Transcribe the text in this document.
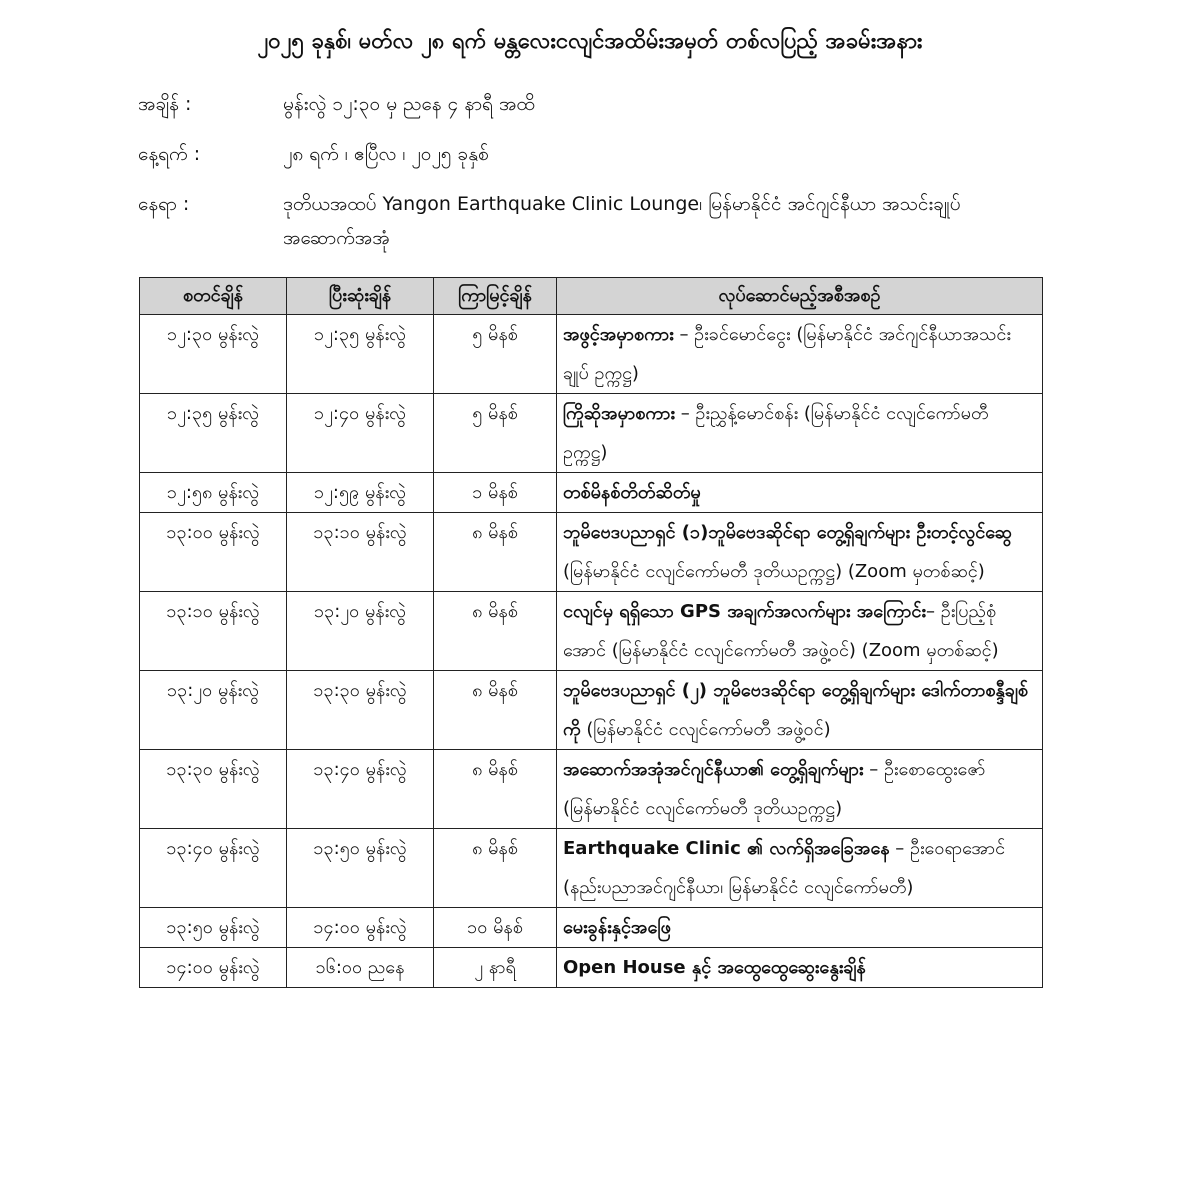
၂၀၂၅ ခုနှစ်၊ မတ်လ ၂၈ ရက် မန္တလေးငလျင်အထိမ်းအမှတ် တစ်လပြည့် အခမ်းအနား
အချိန် :	မွန်းလွဲ ၁၂:၃၀ မှ ညနေ ၄ နာရီ အထိ
နေ့ရက် :	၂၈ ရက် ၊ ဧပြီလ ၊ ၂၀၂၅ ခုနှစ်
နေရာ :	ဒုတိယအထပ် Yangon Earthquake Clinic Lounge၊ မြန်မာနိုင်ငံ အင်ဂျင်နီယာ အသင်းချုပ် အဆောက်အအုံ
စတင်ချိန်	ပြီးဆုံးချိန်	ကြာမြင့်ချိန်	လုပ်ဆောင်မည့်အစီအစဉ်
၁၂:၃၀ မွန်းလွဲ	၁၂:၃၅ မွန်းလွဲ	၅ မိနစ်	အဖွင့်အမှာစကား – ဦးခင်မောင်ငွေး (မြန်မာနိုင်ငံ အင်ဂျင်နီယာအသင်းချုပ် ဥက္ကဋ္ဌ)
၁၂:၃၅ မွန်းလွဲ	၁၂:၄၀ မွန်းလွဲ	၅ မိနစ်	ကြိုဆိုအမှာစကား – ဦးညွှန့်မောင်စန်း (မြန်မာနိုင်ငံ ငလျင်ကော်မတီ ဥက္ကဋ္ဌ)
၁၂:၅၈ မွန်းလွဲ	၁၂:၅၉ မွန်းလွဲ	၁ မိနစ်	တစ်မိနစ်တိတ်ဆိတ်မှု
၁၃:၀၀ မွန်းလွဲ	၁၃:၁၀ မွန်းလွဲ	၈ မိနစ်	ဘူမိဗေဒပညာရှင် (၁)ဘူမိဗေဒဆိုင်ရာ တွေ့ရှိချက်များ ဦးတင့်လွင်ဆွေ (မြန်မာနိုင်ငံ ငလျင်ကော်မတီ ဒုတိယဥက္ကဋ္ဌ) (Zoom မှတစ်ဆင့်)
၁၃:၁၀ မွန်းလွဲ	၁၃:၂၀ မွန်းလွဲ	၈ မိနစ်	ငလျင်မှ ရရှိသော GPS အချက်အလက်များ အကြောင်း– ဦးပြည့်စုံအောင် (မြန်မာနိုင်ငံ ငလျင်ကော်မတီ အဖွဲ့ဝင်) (Zoom မှတစ်ဆင့်)
၁၃:၂၀ မွန်းလွဲ	၁၃:၃၀ မွန်းလွဲ	၈ မိနစ်	ဘူမိဗေဒပညာရှင် (၂) ဘူမိဗေဒဆိုင်ရာ တွေ့ရှိချက်များ ဒေါက်တာစန္ဒီချစ်ကို (မြန်မာနိုင်ငံ ငလျင်ကော်မတီ အဖွဲ့ဝင်)
၁၃:၃၀ မွန်းလွဲ	၁၃:၄၀ မွန်းလွဲ	၈ မိနစ်	အဆောက်အအုံအင်ဂျင်နီယာ၏ တွေ့ရှိချက်များ – ဦးစောထွေးဇော် (မြန်မာနိုင်ငံ ငလျင်ကော်မတီ ဒုတိယဥက္ကဋ္ဌ)
၁၃:၄၀ မွန်းလွဲ	၁၃:၅၀ မွန်းလွဲ	၈ မိနစ်	Earthquake Clinic ၏ လက်ရှိအခြေအနေ – ဦးဝေရာအောင် (နည်းပညာအင်ဂျင်နီယာ၊ မြန်မာနိုင်ငံ ငလျင်ကော်မတီ)
၁၃:၅၀ မွန်းလွဲ	၁၄:၀၀ မွန်းလွဲ	၁၀ မိနစ်	မေးခွန်းနှင့်အဖြေ
၁၄:၀၀ မွန်းလွဲ	၁၆:၀၀ ညနေ	၂ နာရီ	Open House နှင့် အထွေထွေဆွေးနွေးချိန်
